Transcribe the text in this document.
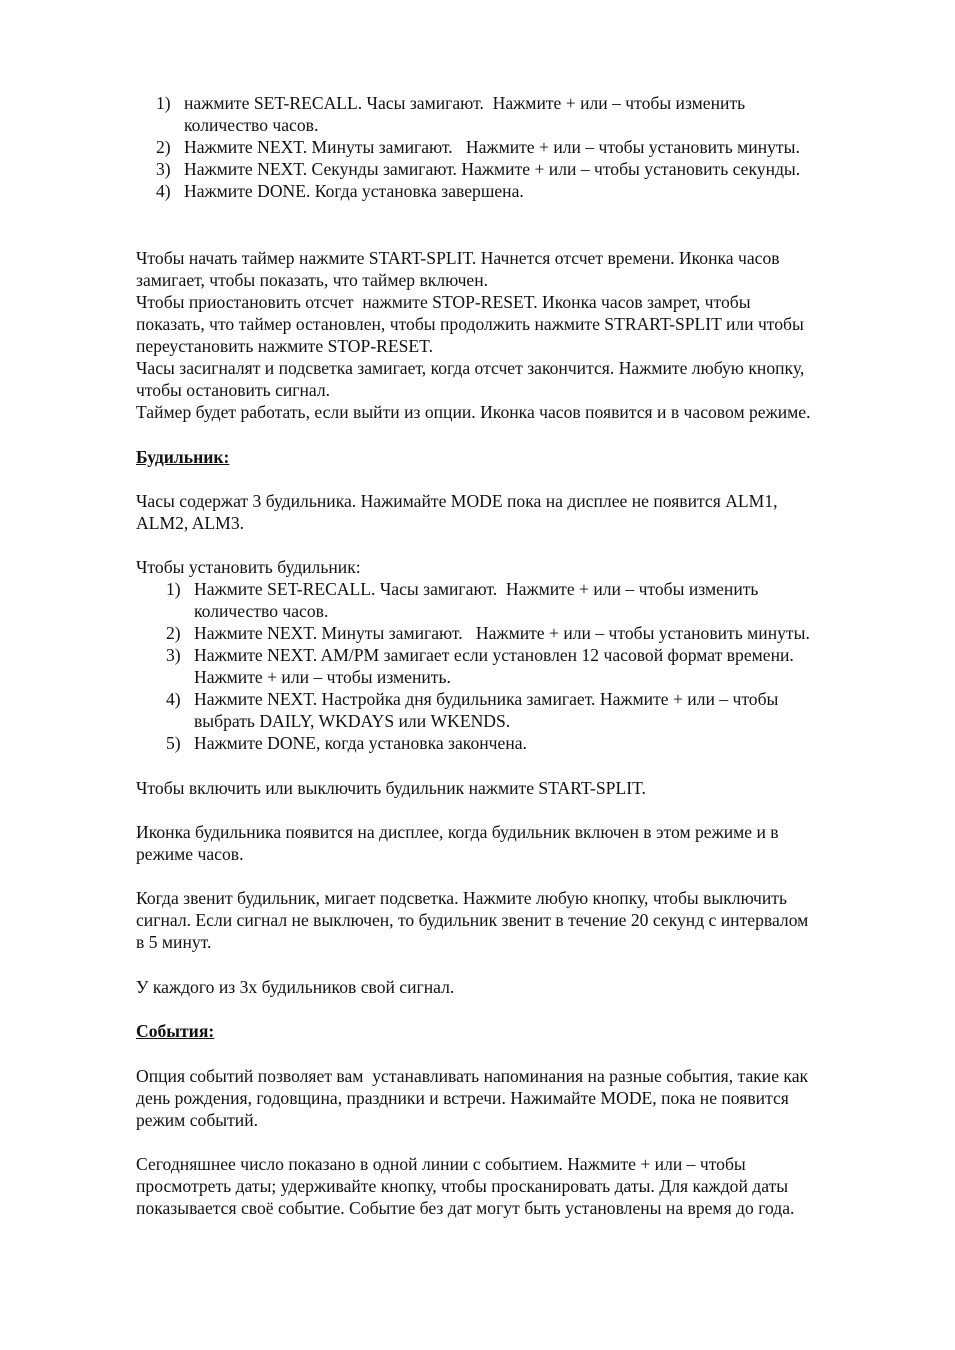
1) нажмите SET-RECALL. Часы замигают.  Нажмите + или – чтобы изменить
количество часов.
2) Нажмите NEXT. Минуты замигают.   Нажмите + или – чтобы установить минуты.
3) Нажмите NEXT. Секунды замигают. Нажмите + или – чтобы установить секунды.
4) Нажмите DONE. Когда установка завершена.
Чтобы начать таймер нажмите START-SPLIT. Начнется отсчет времени. Иконка часов
замигает, чтобы показать, что таймер включен.
Чтобы приостановить отсчет  нажмите STOP-RESET. Иконка часов замрет, чтобы
показать, что таймер остановлен, чтобы продолжить нажмите STRART-SPLIT или чтобы
переустановить нажмите STOP-RESET.
Часы засигналят и подсветка замигает, когда отсчет закончится. Нажмите любую кнопку,
чтобы остановить сигнал.
Таймер будет работать, если выйти из опции. Иконка часов появится и в часовом режиме.
Будильник:
Часы содержат 3 будильника. Нажимайте MODE пока на дисплее не появится ALM1,
ALM2, ALM3.
Чтобы установить будильник:
1) Нажмите SET-RECALL. Часы замигают.  Нажмите + или – чтобы изменить
количество часов.
2) Нажмите NEXT. Минуты замигают.   Нажмите + или – чтобы установить минуты.
3) Нажмите NEXT. AM/PM замигает если установлен 12 часовой формат времени.
Нажмите + или – чтобы изменить.
4) Нажмите NEXT. Настройка дня будильника замигает. Нажмите + или – чтобы
выбрать DAILY, WKDAYS или WKENDS.
5) Нажмите DONE, когда установка закончена.
Чтобы включить или выключить будильник нажмите START-SPLIT.
Иконка будильника появится на дисплее, когда будильник включен в этом режиме и в
режиме часов.
Когда звенит будильник, мигает подсветка. Нажмите любую кнопку, чтобы выключить
сигнал. Если сигнал не выключен, то будильник звенит в течение 20 секунд с интервалом
в 5 минут.
У каждого из 3х будильников свой сигнал.
События:
Опция событий позволяет вам  устанавливать напоминания на разные события, такие как
день рождения, годовщина, праздники и встречи. Нажимайте MODE, пока не появится
режим событий.
Сегодняшнее число показано в одной линии с событием. Нажмите + или – чтобы
просмотреть даты; удерживайте кнопку, чтобы просканировать даты. Для каждой даты
показывается своё событие. Событие без дат могут быть установлены на время до года.
